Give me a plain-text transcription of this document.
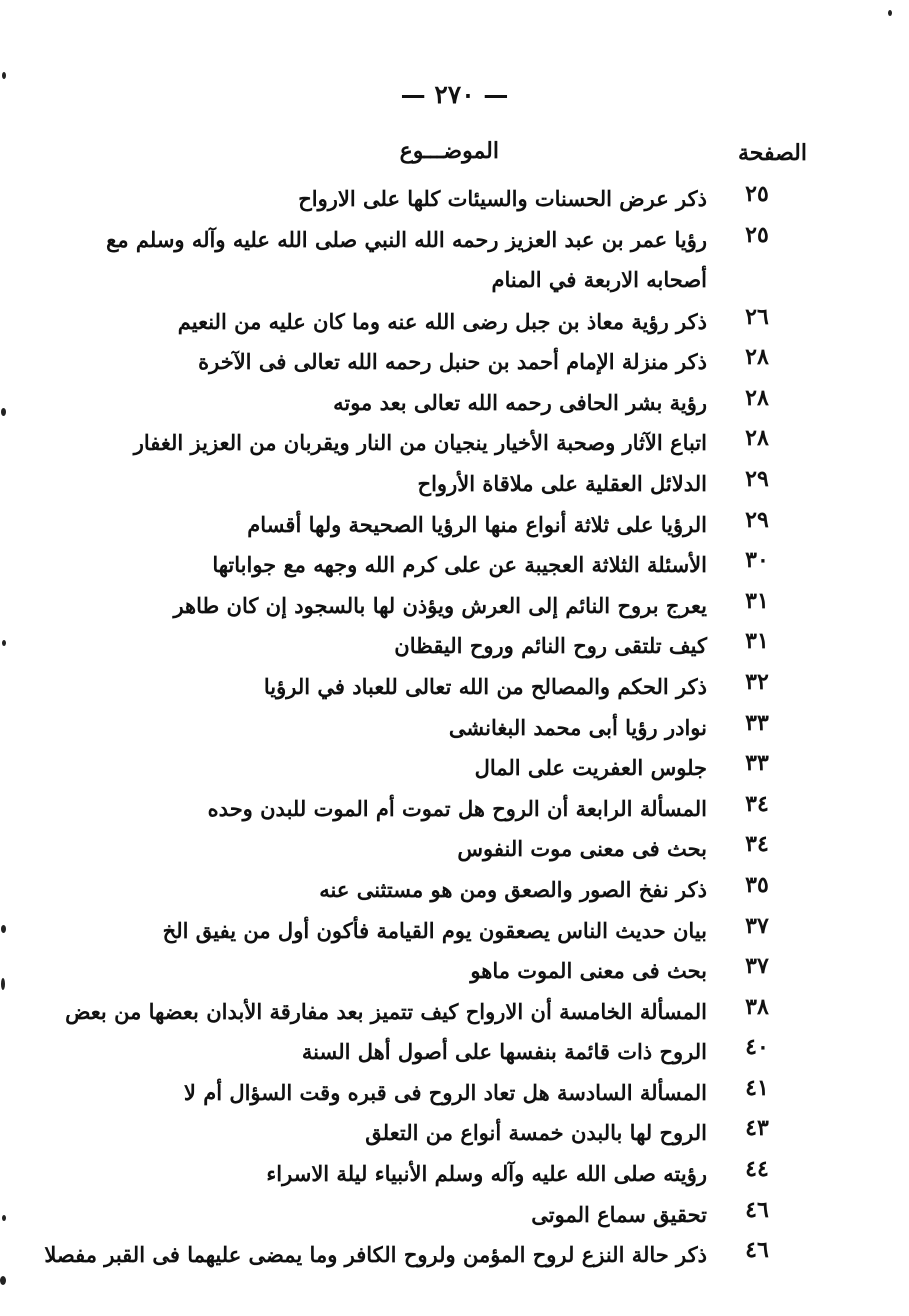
— ٢٧٠ —
الصفحة
الموضـــوع
٢٥
ذكر عرض الحسنات والسيئات كلها على الارواح
٢٥
رؤيا عمر بن عبد العزيز رحمه الله النبي صلى الله عليه وآله وسلم مع أصحابه الاربعة في المنام
٢٦
ذكر رؤية معاذ بن جبل رضى الله عنه وما كان عليه من النعيم
٢٨
ذكر منزلة الإمام أحمد بن حنبل رحمه الله تعالى فى الآخرة
٢٨
رؤية بشر الحافى رحمه الله تعالى بعد موته
٢٨
اتباع الآثار وصحبة الأخيار ينجيان من النار ويقربان من العزيز الغفار
٢٩
الدلائل العقلية على ملاقاة الأرواح
٢٩
الرؤيا على ثلاثة أنواع منها الرؤيا الصحيحة ولها أقسام
٣٠
الأسئلة الثلاثة العجيبة عن على كرم الله وجهه مع جواباتها
٣١
يعرج بروح النائم إلى العرش ويؤذن لها بالسجود إن كان طاهر
٣١
كيف تلتقى روح النائم وروح اليقظان
٣٢
ذكر الحكم والمصالح من الله تعالى للعباد في الرؤيا
٣٣
نوادر رؤيا أبى محمد البغانشى
٣٣
جلوس العفريت على المال
٣٤
المسألة الرابعة أن الروح هل تموت أم الموت للبدن وحده
٣٤
بحث فى معنى موت النفوس
٣٥
ذكر نفخ الصور والصعق ومن هو مستثنى عنه
٣٧
بيان حديث الناس يصعقون يوم القيامة فأكون أول من يفيق الخ
٣٧
بحث فى معنى الموت ماهو
٣٨
المسألة الخامسة أن الارواح كيف تتميز بعد مفارقة الأبدان بعضها من بعض
٤٠
الروح ذات قائمة بنفسها على أصول أهل السنة
٤١
المسألة السادسة هل تعاد الروح فى قبره وقت السؤال أم لا
٤٣
الروح لها بالبدن خمسة أنواع من التعلق
٤٤
رؤيته صلى الله عليه وآله وسلم الأنبياء ليلة الاسراء
٤٦
تحقيق سماع الموتى
٤٦
ذكر حالة النزع لروح المؤمن ولروح الكافر وما يمضى عليهما فى القبر مفصلا
